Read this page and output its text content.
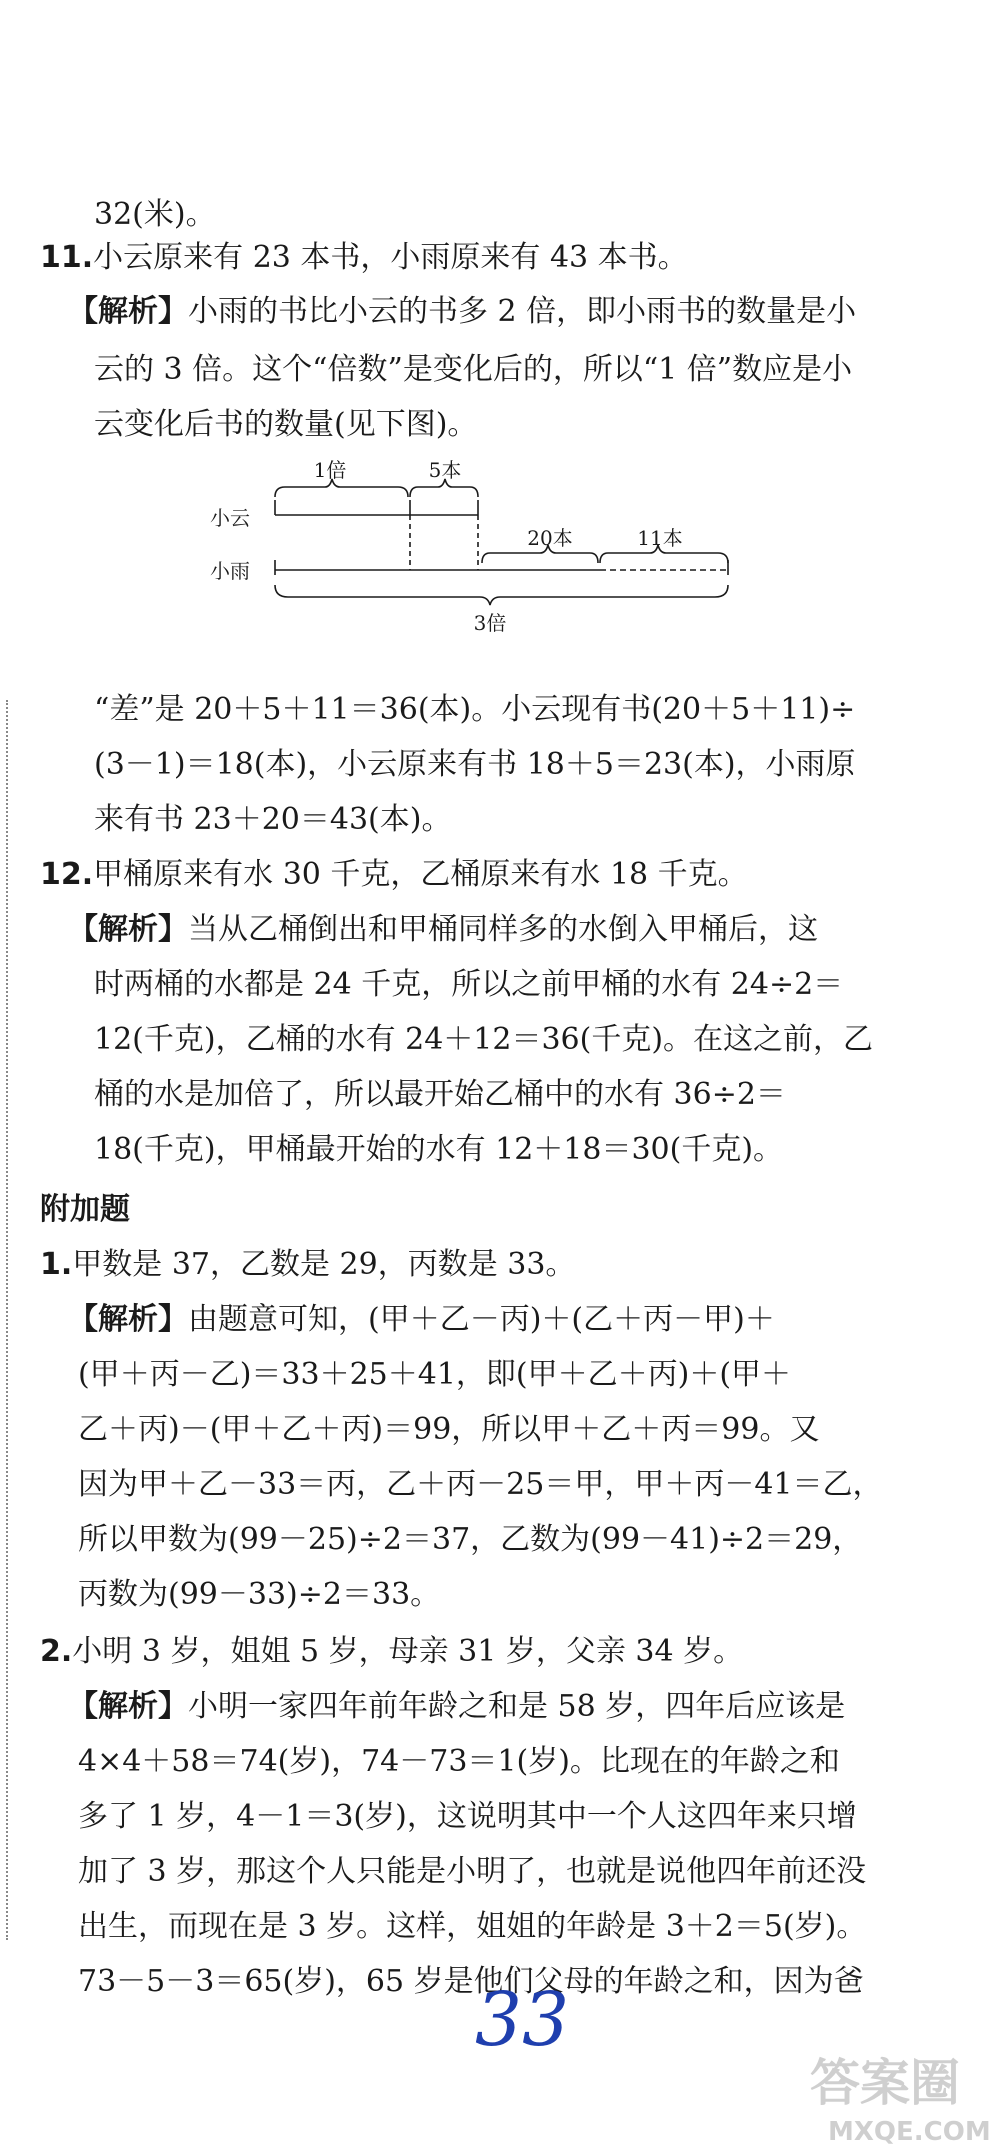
32(米)。
11.小云原来有 23 本书，小雨原来有 43 本书。
【解析】小雨的书比小云的书多 2 倍，即小雨书的数量是小
云的 3 倍。这个“倍数”是变化后的，所以“1 倍”数应是小
云变化后书的数量(见下图)。
小云
小雨
1倍	5本
20本	11本
3倍
“差”是 20＋5＋11＝36(本)。小云现有书(20＋5＋11)÷
(3－1)＝18(本)，小云原来有书 18＋5＝23(本)，小雨原
来有书 23＋20＝43(本)。
12.甲桶原来有水 30 千克，乙桶原来有水 18 千克。
【解析】当从乙桶倒出和甲桶同样多的水倒入甲桶后，这
时两桶的水都是 24 千克，所以之前甲桶的水有 24÷2＝
12(千克)，乙桶的水有 24＋12＝36(千克)。在这之前，乙
桶的水是加倍了，所以最开始乙桶中的水有 36÷2＝
18(千克)，甲桶最开始的水有 12＋18＝30(千克)。
附加题
1.甲数是 37，乙数是 29，丙数是 33。
【解析】由题意可知，(甲＋乙－丙)＋(乙＋丙－甲)＋
(甲＋丙－乙)＝33＋25＋41，即(甲＋乙＋丙)＋(甲＋
乙＋丙)－(甲＋乙＋丙)＝99，所以甲＋乙＋丙＝99。又
因为甲＋乙－33＝丙，乙＋丙－25＝甲，甲＋丙－41＝乙，
所以甲数为(99－25)÷2＝37，乙数为(99－41)÷2＝29，
丙数为(99－33)÷2＝33。
2.小明 3 岁，姐姐 5 岁，母亲 31 岁，父亲 34 岁。
【解析】小明一家四年前年龄之和是 58 岁，四年后应该是
4×4＋58＝74(岁)，74－73＝1(岁)。比现在的年龄之和
多了 1 岁，4－1＝3(岁)，这说明其中一个人这四年来只增
加了 3 岁，那这个人只能是小明了，也就是说他四年前还没
出生，而现在是 3 岁。这样，姐姐的年龄是 3＋2＝5(岁)。
73－5－3＝65(岁)，65 岁是他们父母的年龄之和，因为爸
33
答案圈
MXQE.COM
